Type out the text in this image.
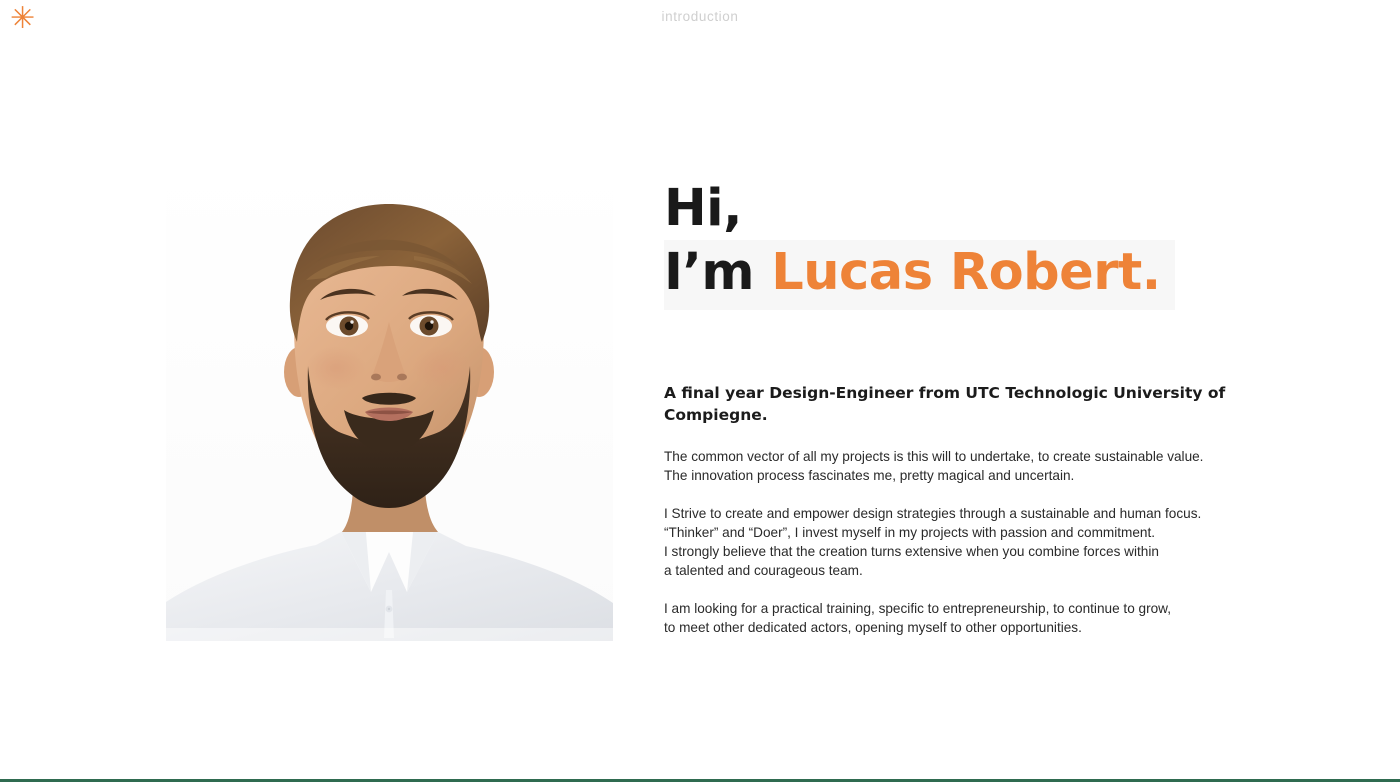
✳	introduction
Hi,
I’m Lucas Robert.
A final year Design-Engineer from UTC Technologic University of Compiegne.

The common vector of all my projects is this will to undertake, to create sustainable value.
The innovation process fascinates me, pretty magical and uncertain.

I Strive to create and empower design strategies through a sustainable and human focus.
“Thinker” and “Doer”, I invest myself in my projects with passion and commitment.
I strongly believe that the creation turns extensive when you combine forces within
a talented and courageous team.

I am looking for a practical training, specific to entrepreneurship, to continue to grow,
to meet other dedicated actors, opening myself to other opportunities.
